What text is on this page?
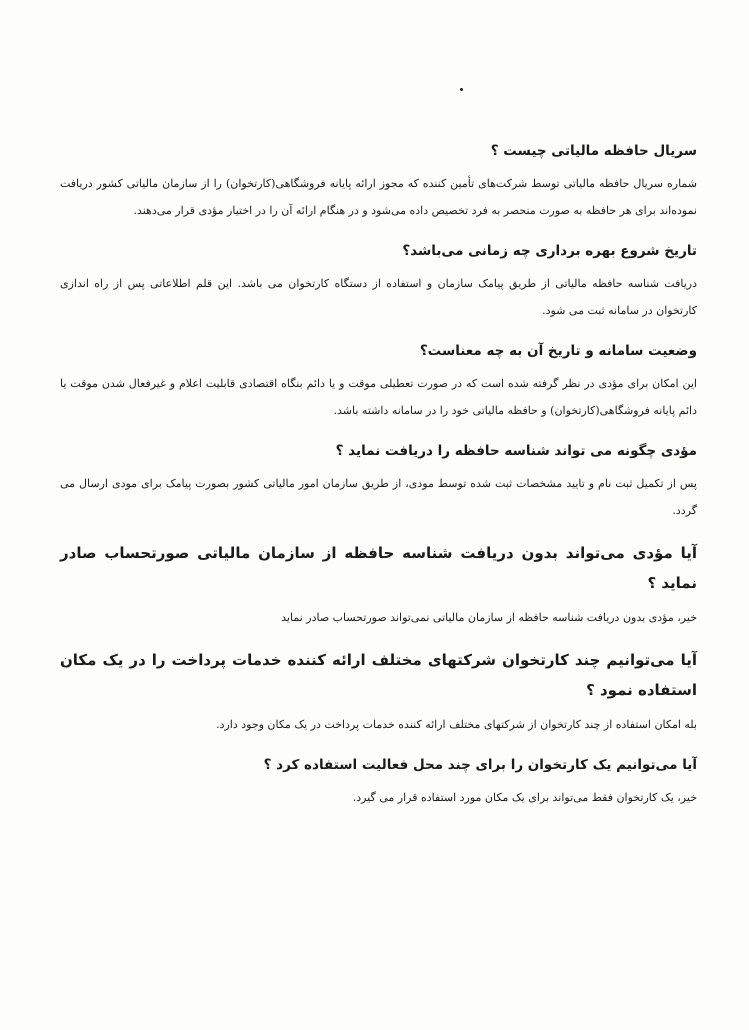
سریال حافظه مالیاتی چیست ؟

شماره سریال حافظه مالیاتی توسط شرکت‌های تأمین کننده که مجوز ارائه پایانه فروشگاهی(کارتخوان) را از سازمان مالیاتی کشور دریافت نموده‌اند برای هر حافظه به صورت منحصر به فرد تخصیص داده می‌شود و در هنگام ارائه آن را در اختیار مؤدی قرار می‌دهند.

تاریخ شروع بهره برداری چه زمانی می‌باشد؟

دریافت شناسه حافظه مالیاتی از طریق پیامک سازمان و استفاده از دستگاه کارتخوان می باشد. این قلم اطلاعاتی پس از راه اندازی کارتخوان در سامانه ثبت می شود.

وضعیت سامانه و تاریخ آن به چه معناست؟

این امکان برای مؤدی در نظر گرفته شده است که در صورت تعطیلی موقت و یا دائم بنگاه اقتصادی قابلیت اعلام و غیرفعال شدن موقت یا دائم پایانه فروشگاهی(کارتخوان) و حافظه مالیاتی خود را در سامانه داشته باشد.

مؤدی چگونه می تواند شناسه حافظه را دریافت نماید ؟

پس از تکمیل ثبت نام و تایید مشخصات ثبت شده توسط مودی، از طریق سازمان امور مالیاتی کشور بصورت پیامک برای مودی ارسال می گردد.

آیا مؤدی می‌تواند بدون دریافت شناسه حافظه از سازمان مالیاتی صورتحساب صادر نماید ؟

خیر، مؤدی بدون دریافت شناسه حافظه از سازمان مالیاتی نمی‌تواند صورتحساب صادر نماید

آیا می‌توانیم چند کارتخوان شرکتهای مختلف ارائه کننده خدمات پرداخت را در یک مکان استفاده نمود ؟

بله امکان استفاده از چند کارتخوان از شرکتهای مختلف ارائه کننده خدمات پرداخت در یک مکان وجود دارد.

آیا می‌توانیم یک کارتخوان را برای چند محل فعالیت استفاده کرد ؟

خیر، یک کارتخوان فقط می‌تواند برای یک مکان مورد استفاده قرار می گیرد.
